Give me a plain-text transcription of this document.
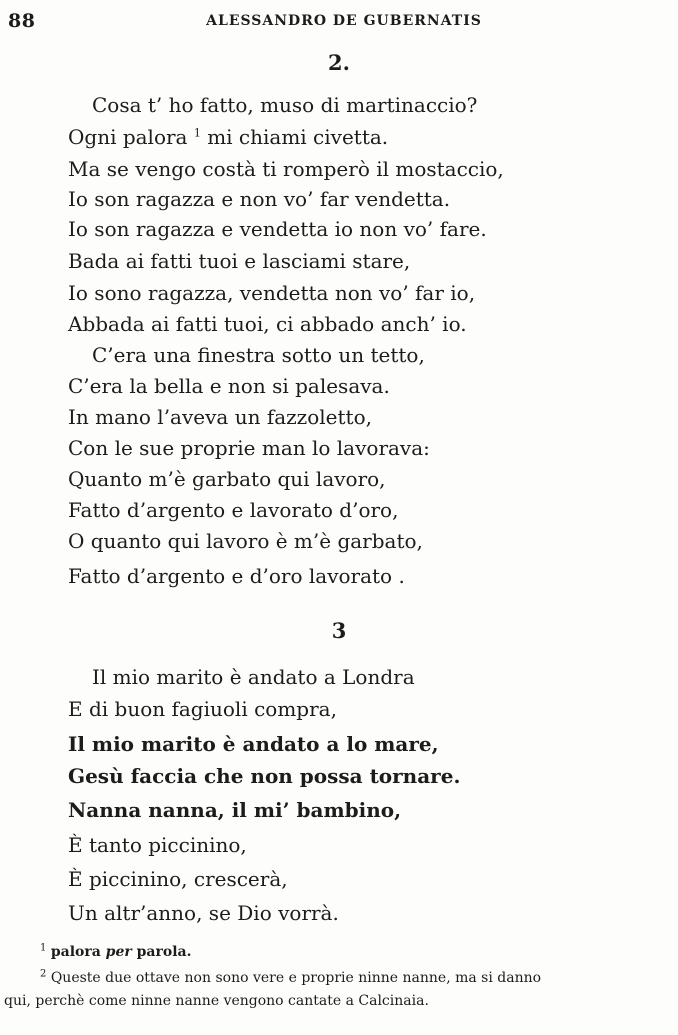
88	ALESSANDRO DE GUBERNATIS
2.
Cosa t’ ho fatto, muso di martinaccio?
Ogni palora $^1$ mi chiami civetta.
Ma se vengo costà ti romperò il mostaccio,
Io son ragazza e non vo’ far vendetta.
Io son ragazza e vendetta io non vo’ fare.
Bada ai fatti tuoi e lasciami stare,
Io sono ragazza, vendetta non vo’ far io,
Abbada ai fatti tuoi, ci abbado anch’ io.
C’era una finestra sotto un tetto,
C’era la bella e non si palesava.
In mano l’aveva un fazzoletto,
Con le sue proprie man lo lavorava:
Quanto m’è garbato qui lavoro,
Fatto d’argento e lavorato d’oro,
O quanto qui lavoro è m’è garbato,
Fatto d’argento e d’oro lavorato .
3
Il mio marito è andato a Londra
E di buon fagiuoli compra,
Il mio marito è andato a lo mare,
Gesù faccia che non possa tornare.
Nanna nanna, il mi’ bambino,
È tanto piccinino,
È piccinino, crescerà,
Un altr’anno, se Dio vorrà.
$^1$ palora per parola.
$^2$ Queste due ottave non sono vere e proprie ninne nanne, ma si danno
qui, perchè come ninne nanne vengono cantate a Calcinaia.
